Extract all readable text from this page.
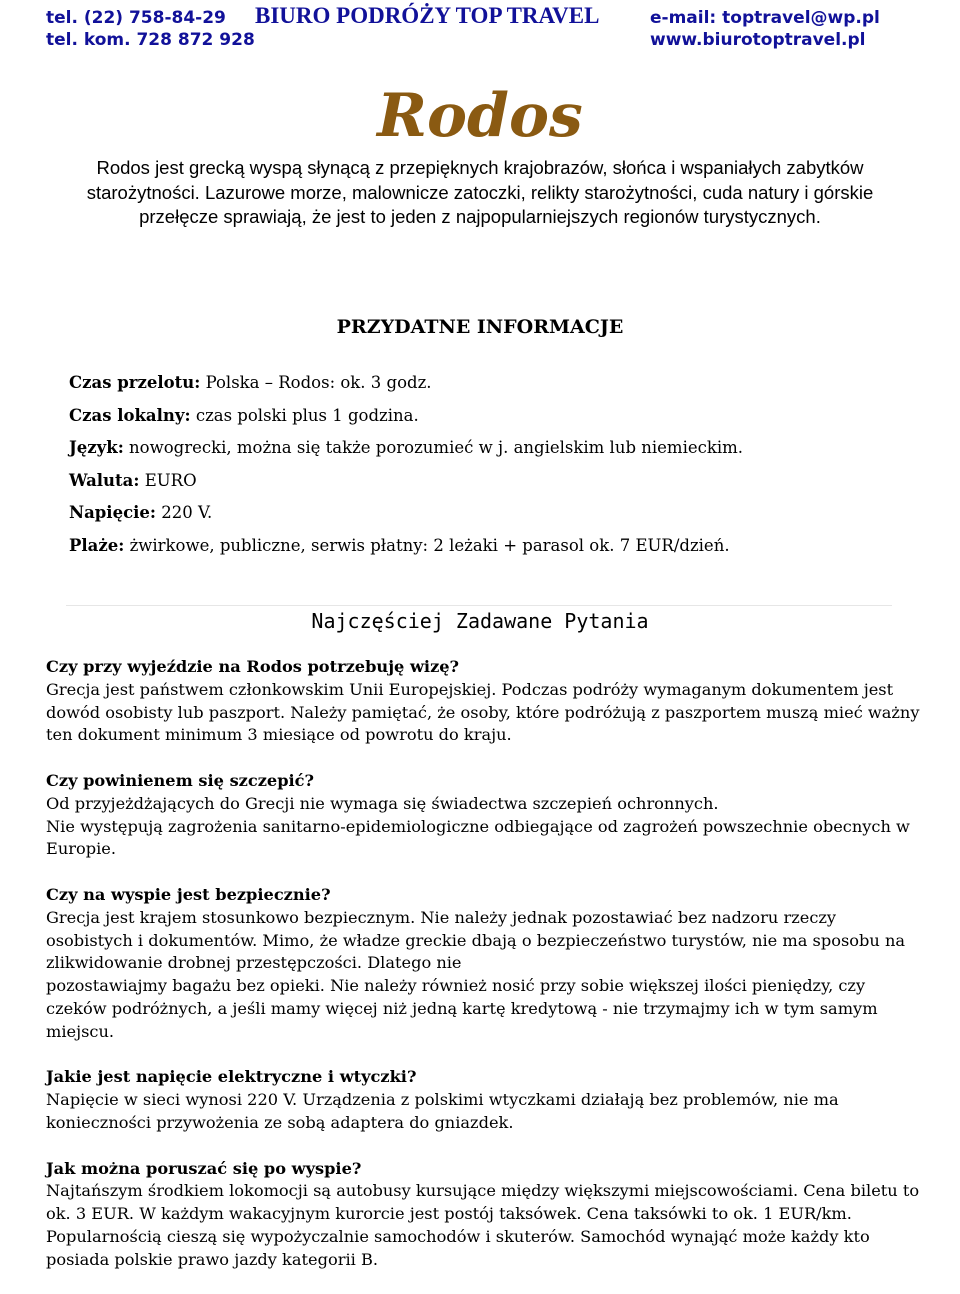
tel. (22) 758-84-29 BIURO PODRÓŻY TOP TRAVEL	e-mail: toptravel@wp.pl
tel. kom. 728 872 928	www.biurotoptravel.pl
Rodos
Rodos jest grecką wyspą słynącą z przepięknych krajobrazów, słońca i wspaniałych zabytków starożytności. Lazurowe morze, malownicze zatoczki, relikty starożytności, cuda natury i górskie przełęcze sprawiają, że jest to jeden z najpopularniejszych regionów turystycznych.
PRZYDATNE INFORMACJE
Czas przelotu: Polska – Rodos: ok. 3 godz.
Czas lokalny: czas polski plus 1 godzina.
Język: nowogrecki, można się także porozumieć w j. angielskim lub niemieckim.
Waluta: EURO
Napięcie: 220 V.
Plaże: żwirkowe, publiczne, serwis płatny: 2 leżaki + parasol ok. 7 EUR/dzień.
Najczęściej Zadawane Pytania
Czy przy wyjeździe na Rodos potrzebuję wizę?
Grecja jest państwem członkowskim Unii Europejskiej. Podczas podróży wymaganym dokumentem jest dowód osobisty lub paszport. Należy pamiętać, że osoby, które podróżują z paszportem muszą mieć ważny ten dokument minimum 3 miesiące od powrotu do kraju.
Czy powinienem się szczepić?
Od przyjeżdżających do Grecji nie wymaga się świadectwa szczepień ochronnych.
Nie występują zagrożenia sanitarno-epidemiologiczne odbiegające od zagrożeń powszechnie obecnych w Europie.
Czy na wyspie jest bezpiecznie?
Grecja jest krajem stosunkowo bezpiecznym. Nie należy jednak pozostawiać bez nadzoru rzeczy osobistych i dokumentów. Mimo, że władze greckie dbają o bezpieczeństwo turystów, nie ma sposobu na zlikwidowanie drobnej przestępczości. Dlatego nie
pozostawiajmy bagażu bez opieki. Nie należy również nosić przy sobie większej ilości pieniędzy, czy czeków podróżnych, a jeśli mamy więcej niż jedną kartę kredytową - nie trzymajmy ich w tym samym miejscu.
Jakie jest napięcie elektryczne i wtyczki?
Napięcie w sieci wynosi 220 V. Urządzenia z polskimi wtyczkami działają bez problemów, nie ma konieczności przywożenia ze sobą adaptera do gniazdek.
Jak można poruszać się po wyspie?
Najtańszym środkiem lokomocji są autobusy kursujące między większymi miejscowościami. Cena biletu to ok. 3 EUR. W każdym wakacyjnym kurorcie jest postój taksówek. Cena taksówki to ok. 1 EUR/km. Popularnością cieszą się wypożyczalnie samochodów i skuterów. Samochód wynająć może każdy kto posiada polskie prawo jazdy kategorii B.
